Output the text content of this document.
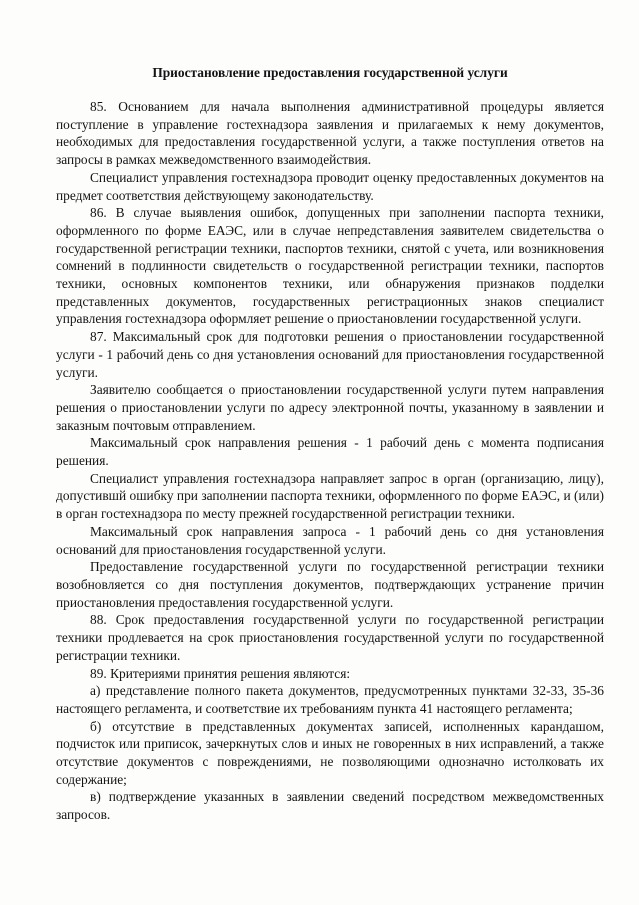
Приостановление предоставления государственной услуги

85. Основанием для начала выполнения административной процедуры является поступление в управление гостехнадзора заявления и прилагаемых к нему документов, необходимых для предоставления государственной услуги, а также поступления ответов на запросы в рамках межведомственного взаимодействия.

Специалист управления гостехнадзора проводит оценку предоставленных документов на предмет соответствия действующему законодательству.

86. В случае выявления ошибок, допущенных при заполнении паспорта техники, оформленного по форме ЕАЭС, или в случае непредставления заявителем свидетельства о государственной регистрации техники, паспортов техники, снятой с учета, или возникновения сомнений в подлинности свидетельств о государственной регистрации техники, паспортов техники, основных компонентов техники, или обнаружения признаков подделки представленных документов, государственных регистрационных знаков специалист управления гостехнадзора оформляет решение о приостановлении государственной услуги.

87. Максимальный срок для подготовки решения о приостановлении государственной услуги - 1 рабочий день со дня установления оснований для приостановления государственной услуги.

Заявителю сообщается о приостановлении государственной услуги путем направления решения о приостановлении услуги по адресу электронной почты, указанному в заявлении и заказным почтовым отправлением.

Максимальный срок направления решения - 1 рабочий день с момента подписания решения.

Специалист управления гостехнадзора направляет запрос в орган (организацию, лицу), допустившй ошибку при заполнении паспорта техники, оформленного по форме ЕАЭС, и (или) в орган гостехнадзора по месту прежней государственной регистрации техники.

Максимальный срок направления запроса - 1 рабочий день со дня установления оснований для приостановления государственной услуги.

Предоставление государственной услуги по государственной регистрации техники возобновляется со дня поступления документов, подтверждающих устранение причин приостановления предоставления государственной услуги.

88. Срок предоставления государственной услуги по государственной регистрации техники продлевается на срок приостановления государственной услуги по государственной регистрации техники.

89. Критериями принятия решения являются:

а) представление полного пакета документов, предусмотренных пунктами 32-33, 35-36 настоящего регламента, и соответствие их требованиям пункта 41 настоящего регламента;

б) отсутствие в представленных документах записей, исполненных карандашом, подчисток или приписок, зачеркнутых слов и иных не говоренных в них исправлений, а также отсутствие документов с повреждениями, не позволяющими однозначно истолковать их содержание;

в) подтверждение указанных в заявлении сведений посредством межведомственных запросов.
